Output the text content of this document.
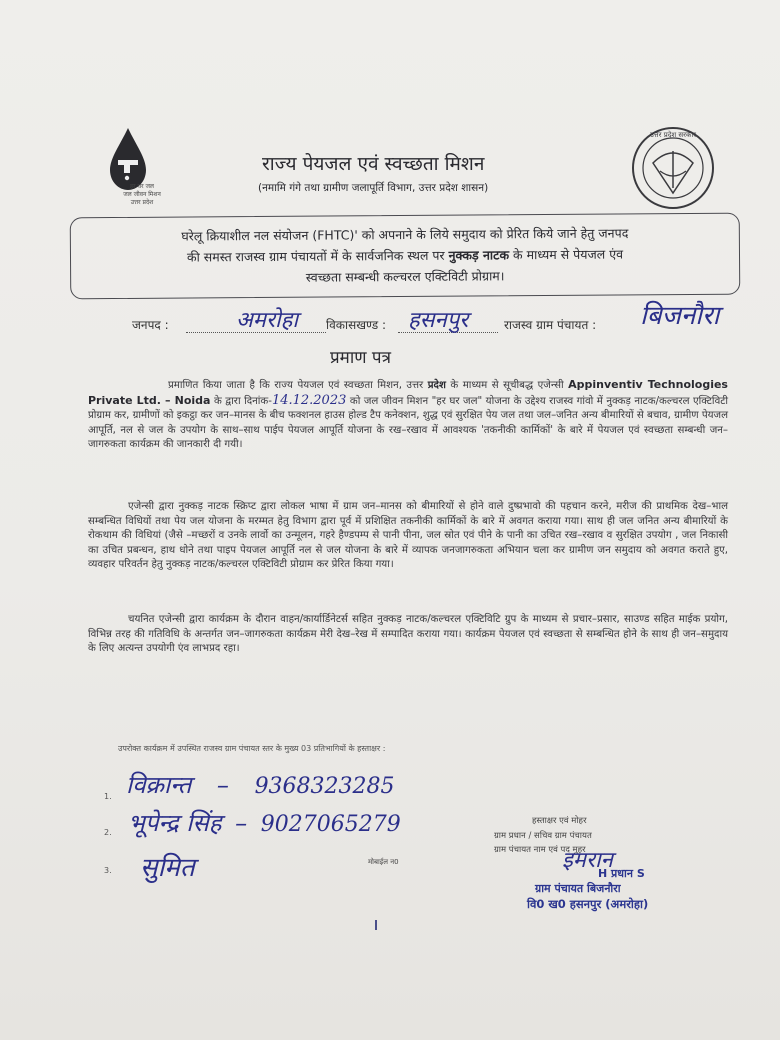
हर घर जल
जल जीवन मिशन
उत्तर प्रदेश
उत्तर प्रदेश सरकार
राज्य पेयजल एवं स्वच्छता मिशन
(नमामि गंगे तथा ग्रामीण जलापूर्ति विभाग, उत्तर प्रदेश शासन)
घरेलू क्रियाशील नल संयोजन (FHTC)' को अपनाने के लिये समुदाय को प्रेरित किये जाने हेतु जनपद
की समस्त राजस्व ग्राम पंचायतों में के सार्वजनिक स्थल पर नुक्कड़ नाटक के माध्यम से पेयजल एंव
स्वच्छता सम्बन्धी कल्चरल एक्टिविटी प्रोग्राम।
जनपद :	अमरोहा विकासखण्ड : हसनपुर	राजस्व ग्राम पंचायत : बिजनौरा
प्रमाण पत्र
प्रमाणित किया जाता है कि राज्य पेयजल एवं स्वच्छता मिशन, उत्तर प्रदेश के माध्यम से सूचीबद्ध एजेन्सी Appinventiv Technologies Private Ltd. – Noida के द्वारा दिनांक-14.12.2023 को जल जीवन मिशन "हर घर जल" योजना के उद्देश्य राजस्व गांवो में नुक्कड़ नाटक/कल्चरल एक्टिविटी प्रोग्राम कर, ग्रामीणों को इकट्ठा कर जन–मानस के बीच फक्शनल हाउस होल्ड टैप कनेक्शन, शुद्ध एवं सुरक्षित पेय जल तथा जल–जनित अन्य बीमारियों से बचाव, ग्रामीण पेयजल आपूर्ति, नल से जल के उपयोग के साथ–साथ पाईप पेयजल आपूर्ति योजना के रख–रखाव में आवश्यक 'तकनीकी कार्मिकों' के बारे में पेयजल एवं स्वच्छता सम्बन्धी जन–जागरुकता कार्यक्रम की जानकारी दी गयी।
एजेन्सी द्वारा नुक्कड़ नाटक स्क्रिप्ट द्वारा लोकल भाषा में ग्राम जन–मानस को बीमारियों से होने वाले दुष्प्रभावो की पहचान करने, मरीज की प्राथमिक देख–भाल सम्बन्धित विधियों तथा पेय जल योजना के मरम्मत हेतु विभाग द्वारा पूर्व में प्रशिक्षित तकनीकी कार्मिकों के बारे में अवगत कराया गया। साथ ही जल जनित अन्य बीमारियों के रोकथाम की विधियां (जैसे –मच्छरों व उनके लार्वो का उन्मूलन, गहरे हैण्डपम्प से पानी पीना, जल स्रोत एवं पीने के पानी का उचित रख–रखाव व सुरक्षित उपयोग , जल निकासी का उचित प्रबन्धन, हाथ धोने तथा पाइप पेयजल आपूर्ति नल से जल योजना के बारे में व्यापक जनजागरुकता अभियान चला कर ग्रामीण जन समुदाय को अवगत कराते हुए, व्यवहार परिवर्तन हेतु नुक्कड़ नाटक/कल्चरल एक्टिविटी प्रोग्राम कर प्रेरित किया गया।
चयनित एजेन्सी द्वारा कार्यक्रम के दौरान वाहन/कार्यार्डिनेटर्स सहित नुक्कड़ नाटक/कल्चरल एक्टिविटि ग्रुप के माध्यम से प्रचार–प्रसार, साउण्ड सहित माईक प्रयोग, विभिन्न तरह की गतिविधि के अन्तर्गत जन–जागरुकता कार्यक्रम मेरी देख–रेख में सम्पादित कराया गया। कार्यक्रम पेयजल एवं स्वच्छता से सम्बन्धित होने के साथ ही जन–समुदाय के लिए अत्यन्त उपयोगी एंव लाभप्रद रहा।
उपरोक्त कार्यक्रम में उपस्थित राजस्व ग्राम पंचायत स्तर के मुख्य 03 प्रतिभागियों के हस्ताक्षर :
1.
2.
3.
विक्रान्त – 9368323285
भूपेन्द्र सिंह – 9027065279
सुमित	मोबाईल न0
हस्ताक्षर एवं मोहर
ग्राम प्रधान / सचिव ग्राम पंचायत
ग्राम पंचायत नाम एवं पद मुहर
इमरान
H प्रधान S
ग्राम पंचायत बिजनौरा
वि0 ख0 हसनपुर (अमरोहा)
